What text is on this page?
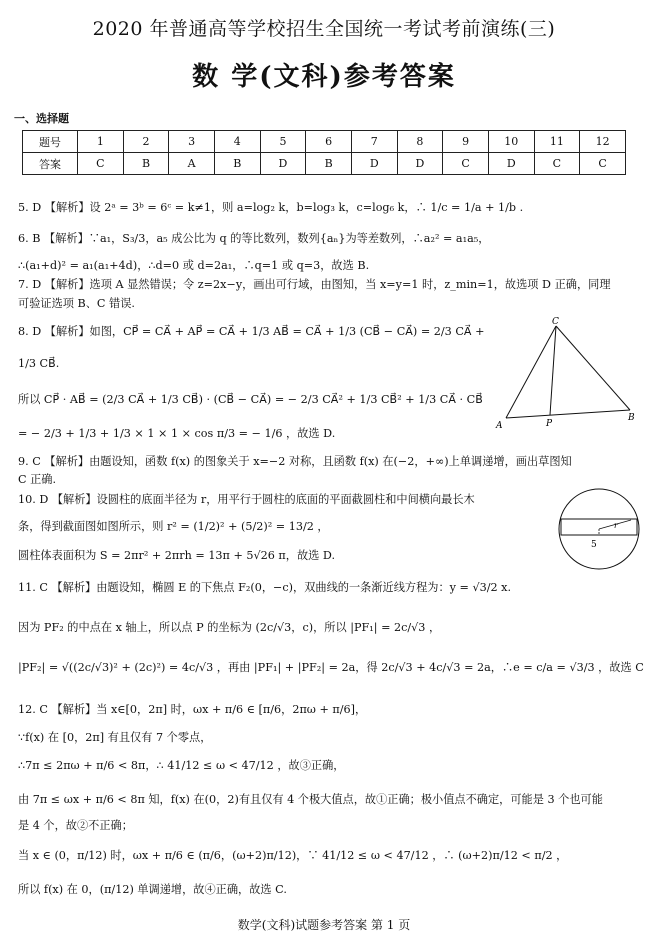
2020 年普通高等学校招生全国统一考试考前演练(三)
数 学(文科)参考答案
一、选择题
题号	1	2	3	4	5	6	7	8	9	10	11	12
答案	C	B	A	B	D	B	D	D	C	D	C	C
5. D 【解析】设 2ᵃ = 3ᵇ = 6ᶜ = k≠1，则 a=log₂ k，b=log₃ k，c=log₆ k，∴ 1/c = 1/a + 1/b .
6. B 【解析】∵a₁，S₃/3，a₅ 成公比为 q 的等比数列，数列{aₙ}为等差数列，∴a₂² = a₁a₅，
∴(a₁+d)² = a₁(a₁+4d)，∴d=0 或 d=2a₁，∴q=1 或 q=3，故选 B.
7. D 【解析】选项 A 显然错误；令 z=2x−y，画出可行域，由图知，当 x=y=1 时，z_min=1，故选项 D 正确，同理
可验证选项 B、C 错误.
8. D 【解析】如图，CP⃗ = CA⃗ + AP⃗ = CA⃗ + 1/3 AB⃗ = CA⃗ + 1/3 (CB⃗ − CA⃗) = 2/3 CA⃗ +
1/3 CB⃗.
所以 CP⃗ · AB⃗ = (2/3 CA⃗ + 1/3 CB⃗) · (CB⃗ − CA⃗) = − 2/3 CA⃗² + 1/3 CB⃗² + 1/3 CA⃗ · CB⃗
= − 2/3 + 1/3 + 1/3 × 1 × 1 × cos π/3 = − 1/6 ，故选 D.
9. C 【解析】由题设知，函数 f(x) 的图象关于 x=−2 对称，且函数 f(x) 在(−2，+∞)上单调递增，画出草图知
C 正确.
10. D 【解析】设圆柱的底面半径为 r，用平行于圆柱的底面的平面截圆柱和中间横向最长木
条，得到截面图如图所示，则 r² = (1/2)² + (5/2)² = 13/2 ，
圆柱体表面积为 S = 2πr² + 2πrh = 13π + 5√26 π，故选 D.
11. C 【解析】由题设知，椭圆 E 的下焦点 F₂(0，−c)，双曲线的一条渐近线方程为：y = √3/2 x.
因为 PF₂ 的中点在 x 轴上，所以点 P 的坐标为 (2c/√3，c)，所以 |PF₁| = 2c/√3 ，
|PF₂| = √((2c/√3)² + (2c)²) = 4c/√3 ，再由 |PF₁| + |PF₂| = 2a，得 2c/√3 + 4c/√3 = 2a，∴e = c/a = √3/3 ，故选 C
12. C 【解析】当 x∈[0，2π] 时，ωx + π/6 ∈ [π/6，2πω + π/6]，
∵f(x) 在 [0，2π] 有且仅有 7 个零点，
∴7π ≤ 2πω + π/6 < 8π，∴ 41/12 ≤ ω < 47/12 ，故③正确，
由 7π ≤ ωx + π/6 < 8π 知，f(x) 在(0，2)有且仅有 4 个极大值点，故①正确；极小值点不确定，可能是 3 个也可能
是 4 个，故②不正确；
当 x ∈ (0，π/12) 时，ωx + π/6 ∈ (π/6，(ω+2)π/12)，∵ 41/12 ≤ ω < 47/12 ，∴ (ω+2)π/12 < π/2 ，
所以 f(x) 在 0，(π/12) 单调递增，故④正确，故选 C.
C
A	P
B
5
r
数学(文科)试题参考答案 第 1 页
